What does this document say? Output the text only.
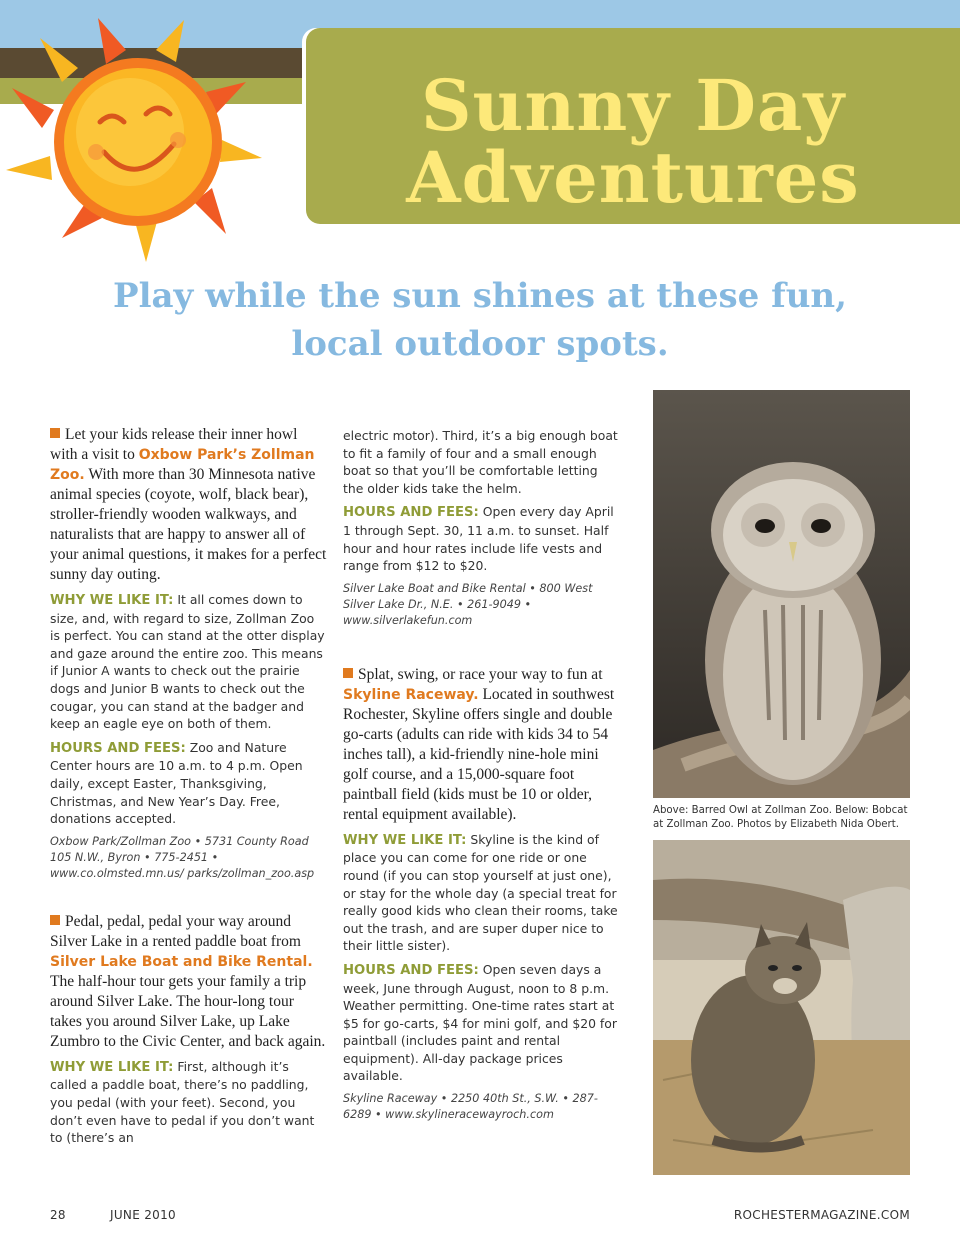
Sunny Day
Adventures
Play while the sun shines at these fun,
local outdoor spots.

Let your kids release their inner howl with a visit to Oxbow Park’s Zollman Zoo. With more than 30 Minnesota native animal species (coyote, wolf, black bear), stroller-friendly wooden walkways, and naturalists that are happy to answer all of your animal questions, it makes for a perfect sunny day outing.

WHY WE LIKE IT: It all comes down to size, and, with regard to size, Zollman Zoo is perfect. You can stand at the otter display and gaze around the entire zoo. This means if Junior A wants to check out the prairie dogs and Junior B wants to check out the cougar, you can stand at the badger and keep an eagle eye on both of them.

HOURS AND FEES: Zoo and Nature Center hours are 10 a.m. to 4 p.m. Open daily, except Easter, Thanksgiving, Christmas, and New Year’s Day. Free, donations accepted.

Oxbow Park/Zollman Zoo • 5731 County Road 105 N.W., Byron • 775-2451 • www.co.olmsted.mn.us/ parks/zollman_zoo.asp

Pedal, pedal, pedal your way around Silver Lake in a rented paddle boat from Silver Lake Boat and Bike Rental. The half-hour tour gets your family a trip around Silver Lake. The hour-long tour takes you around Silver Lake, up Lake Zumbro to the Civic Center, and back again.

WHY WE LIKE IT: First, although it’s called a paddle boat, there’s no paddling, you pedal (with your feet). Second, you don’t even have to pedal if you don’t want to (there’s an

electric motor). Third, it’s a big enough boat to fit a family of four and a small enough boat so that you’ll be comfortable letting the older kids take the helm.

HOURS AND FEES: Open every day April 1 through Sept. 30, 11 a.m. to sunset. Half hour and hour rates include life vests and range from $12 to $20.

Silver Lake Boat and Bike Rental • 800 West Silver Lake Dr., N.E. • 261-9049 • www.silverlakefun.com

Splat, swing, or race your way to fun at Skyline Raceway. Located in southwest Rochester, Skyline offers single and double go-carts (adults can ride with kids 34 to 54 inches tall), a kid-friendly nine-hole mini golf course, and a 15,000-square foot paintball field (kids must be 10 or older, rental equipment available).

WHY WE LIKE IT: Skyline is the kind of place you can come for one ride or one round (if you can stop yourself at just one), or stay for the whole day (a special treat for really good kids who clean their rooms, take out the trash, and are super duper nice to their little sister).

HOURS AND FEES: Open seven days a week, June through August, noon to 8 p.m. Weather permitting. One-time rates start at $5 for go-carts, $4 for mini golf, and $20 for paintball (includes paint and rental equipment). All-day package prices available.

Skyline Raceway • 2250 40th St., S.W. • 287-6289 • www.skylineracewayroch.com

Above: Barred Owl at Zollman Zoo. Below: Bobcat at Zollman Zoo. Photos by Elizabeth Nida Obert.

28	JUNE 2010	ROCHESTERMAGAZINE.COM
